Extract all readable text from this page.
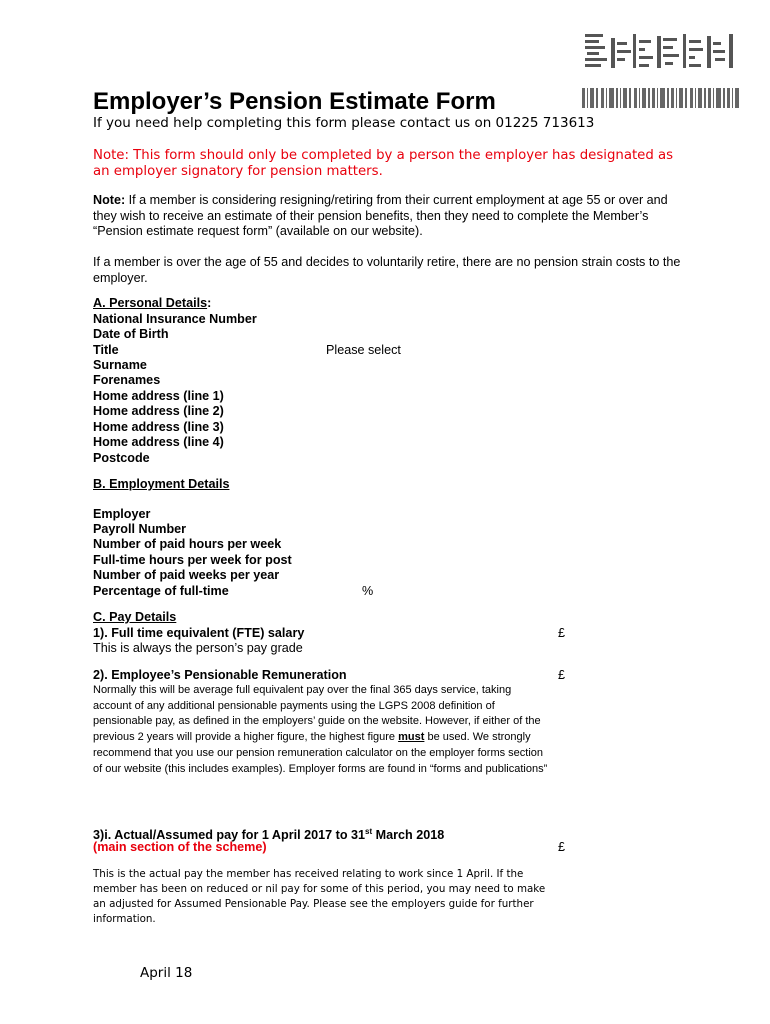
Employer’s Pension Estimate Form
If you need help completing this form please contact us on 01225 713613
Note: This form should only be completed by a person the employer has designated as an employer signatory for pension matters.
Note: If a member is considering resigning/retiring from their current employment at age 55 or over and they wish to receive an estimate of their pension benefits, then they need to complete the Member’s “Pension estimate request form” (available on our website).
If a member is over the age of 55 and decides to voluntarily retire, there are no pension strain costs to the employer.
A. Personal Details:
National Insurance Number
Date of Birth
Title	Please select
Surname
Forenames
Home address (line 1)
Home address (line 2)
Home address (line 3)
Home address (line 4)
Postcode
B. Employment Details
Employer
Payroll Number
Number of paid hours per week
Full-time hours per week for post
Number of paid weeks per year
Percentage of full-time	%
C. Pay Details
1). Full time equivalent (FTE) salary	£
This is always the person’s pay grade
2). Employee’s Pensionable Remuneration	£
Normally this will be average full equivalent pay over the final 365 days service, taking account of any additional pensionable payments using the LGPS 2008 definition of pensionable pay, as defined in the employers’ guide on the website. However, if either of the previous 2 years will provide a higher figure, the highest figure must be used. We strongly recommend that you use our pension remuneration calculator on the employer forms section of our website (this includes examples). Employer forms are found in “forms and publications”
3)i. Actual/Assumed pay for 1 April 2017 to 31st March 2018
(main section of the scheme)	£
This is the actual pay the member has received relating to work since 1 April. If the member has been on reduced or nil pay for some of this period, you may need to make an adjusted for Assumed Pensionable Pay. Please see the employers guide for further information.
April 18
